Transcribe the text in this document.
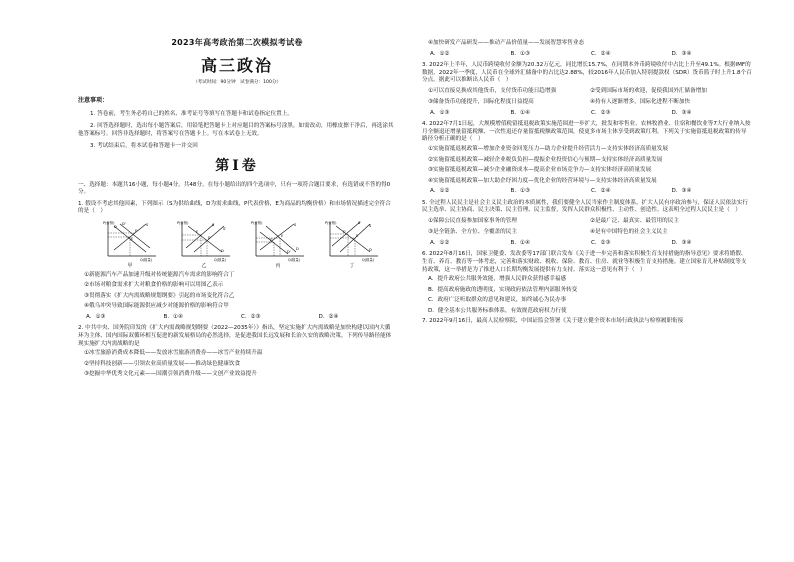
2023年高考政治第二次模拟考试卷
高三政治
（考试时间：90分钟　试卷满分：100分）
注意事项：
1. 答卷前，考生务必将自己的姓名、准考证号等填写在答题卡和试卷指定位置上。
2. 回答选择题时，选出每小题答案后，用铅笔把答题卡上对应题目的答案标号涂黑。如需改动，用橡皮擦干净后，再选涂其他答案标号。回答非选择题时，将答案写在答题卡上。写在本试卷上无效。
3. 考试结束后，将本试卷和答题卡一并交回
第Ⅰ卷
一、选择题：本题共16小题，每小题4分，共48分。在每小题给出的四个选项中，只有一项符合题目要求，有选错或不答的得0分。
1. 假设不考虑其他因素，下列图示（S为供给曲线，D为需求曲线，P代表价格，E为商品的均衡价格）和市场情况描述完全符合的是（　）
P(价格)
Q(数量)
S
D'
D
E'
E
甲
P(价格)
Q(数量)
S
S'
D
E
E'
乙
P(价格)
Q(数量)
S
D
D'
E
E'
丙
P(价格)
Q(数量)
S
S'
D
E
E'
丁
①新能源汽车产品加速升级对传统能源汽车需求的影响符合丁
②市场对粮食需求扩大对粮食价格的影响可以用图乙表示
③贯彻落实《扩大内需战略规划纲要》引起的市场变化符合乙
④俄乌冲突导致国际能源供应减少对能源价格的影响符合甲
A．①③	B．①④	C．②③	D．②④
2. 中共中央、国务院印发的《扩大内需战略规划纲要（2022—2035年）》指出，坚定实施扩大内需战略是加快构建以国内大循环为主体、国内国际双循环相互促进的新发展格局的必然选择，是促进我国长远发展和长治久安的战略决策。下列传导路径能体现实施扩大内需战略的是
①冰雪旅游消费成本降低——发放冰雪旅游消费券——冰雪产业持续升温
②坚持科技创新——引领农业高质量发展——推动绿色健康饮食
③挖掘中华优秀文化元素——国潮引领消费升级——文创产业效益提升
④加快研发产品研发——推动产品价值量——发展智慧零售业态
A．①②	B．①③	C．②④	D．③④
3. 2022年上半年，人民币跨境收付金额为20.32万亿元，同比增长15.7%，在同期本外币跨境收付中占比上升至49.1%。根据IMF的数据，2022年一季度，人民币在全球外汇储备中的占比达2.88%，较2016年人民币加入特别提款权（SDR）货币篮子时上升1.8个百分点。据此可以推断出人民币（　）
①可以直接兑换成其他货币，支付货币功能日趋增强	②受到国际市场的欢迎，促使我国外汇储备增加
③储备货币功能提升，国际化程度日益提高	④持有人逐渐增多，国际化进程不断加快
A．①③	B．①④	C．②③	D．③④
4. 2022年7月1日起，大规模增值税留抵退税政策实施范围进一步扩大，批发和零售业、农林牧渔业、住宿和餐饮业等7大行业纳入按月全额退还增量留抵税额、一次性退还存量留抵税额政策范围，使更多市场主体享受到政策红利。下列关于实施留抵退税政策的传导路径分析正确的是（　）
①实施留抵退税政策—增加企业资金回笼压力—助力企业提升经营活力—支持实体经济高质量发展
②实施留抵退税政策—减轻企业税负负担—提振企业投资信心与预期—支持实体经济高质量发展
③实施留抵退税政策—减少企业融资成本—提高企业市场竞争力—支持实体经济高质量发展
④实施留抵退税政策—加大助企纾困力度—优化企业的经营环境与—支持实体经济高质量发展
A．①②	B．①③	C．②④	D．③④
5. 全过程人民民主是社会主义民主政治的本质属性，我们要健全人民当家作主制度体系，扩大人民有序政治参与，保证人民依法实行民主选举、民主协商、民主决策、民主管理、民主监督，发挥人民群众积极性、主动性、创造性。这表明全过程人民民主是（　）
①保障公民直接参加国家事务的管理	②是最广泛、最真实、最管用的民主
③是全链条、全方位、全覆盖的民主	④是有中国特色的社会主义民主
A．①②	B．①④	C．②③	D．③④
6. 2022年8月16日，国家卫健委、发改委等17部门联合发布《关于进一步完善和落实积极生育支持措施的指导意见》要求将婚假、生育、养育、教育等一体考虑，完善和落实财政、税收、保险、教育、住房、就业等积极生育支持措施。建立国家育儿补贴制度等支持政策，这一举措是为了推进人口长期均衡发展提供有力支持。落实这一意见有利于（　）
A．提升政府公共服务效能，增强人民群众获得感幸福感
B．提高政府施政的透明度，实现政府依法管理内部服务转变
C．政府广泛听取群众的意见和建议，始终诚心为民办事
D．健全基本公共服务标准体系，有效规范政府权力行使
7. 2022年9月16日，最高人民检察院、中国证监会签署《关于建立健全资本市场行政执法与检察履职衔接
